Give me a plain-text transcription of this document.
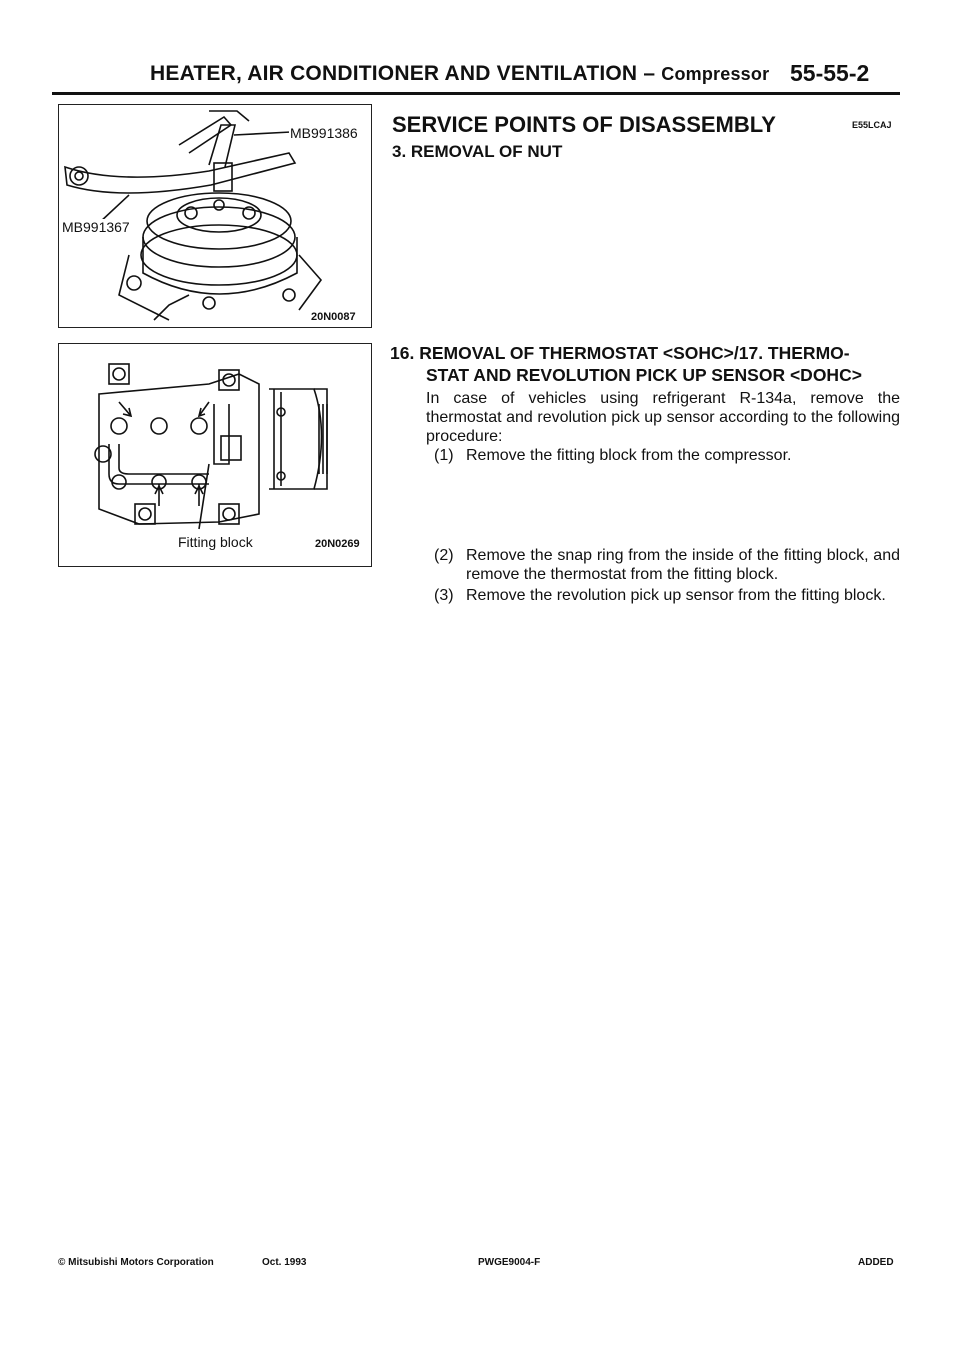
HEATER, AIR CONDITIONER AND VENTILATION – Compressor 55-55-2
MB991386
MB991367
20N0087
Fitting block	20N0269
SERVICE POINTS OF DISASSEMBLY	E55LCAJ
3. REMOVAL OF NUT
16. REMOVAL OF THERMOSTAT <SOHC>/17. THERMO-
STAT AND REVOLUTION PICK UP SENSOR <DOHC>
In case of vehicles using refrigerant R-134a, remove the thermostat and revolution pick up sensor according to the following procedure:
(1) Remove the fitting block from the compressor.
(2) Remove the snap ring from the inside of the fitting block, and remove the thermostat from the fitting block.
(3) Remove the revolution pick up sensor from the fitting block.
© Mitsubishi Motors Corporation	Oct. 1993	PWGE9004-F	ADDED
